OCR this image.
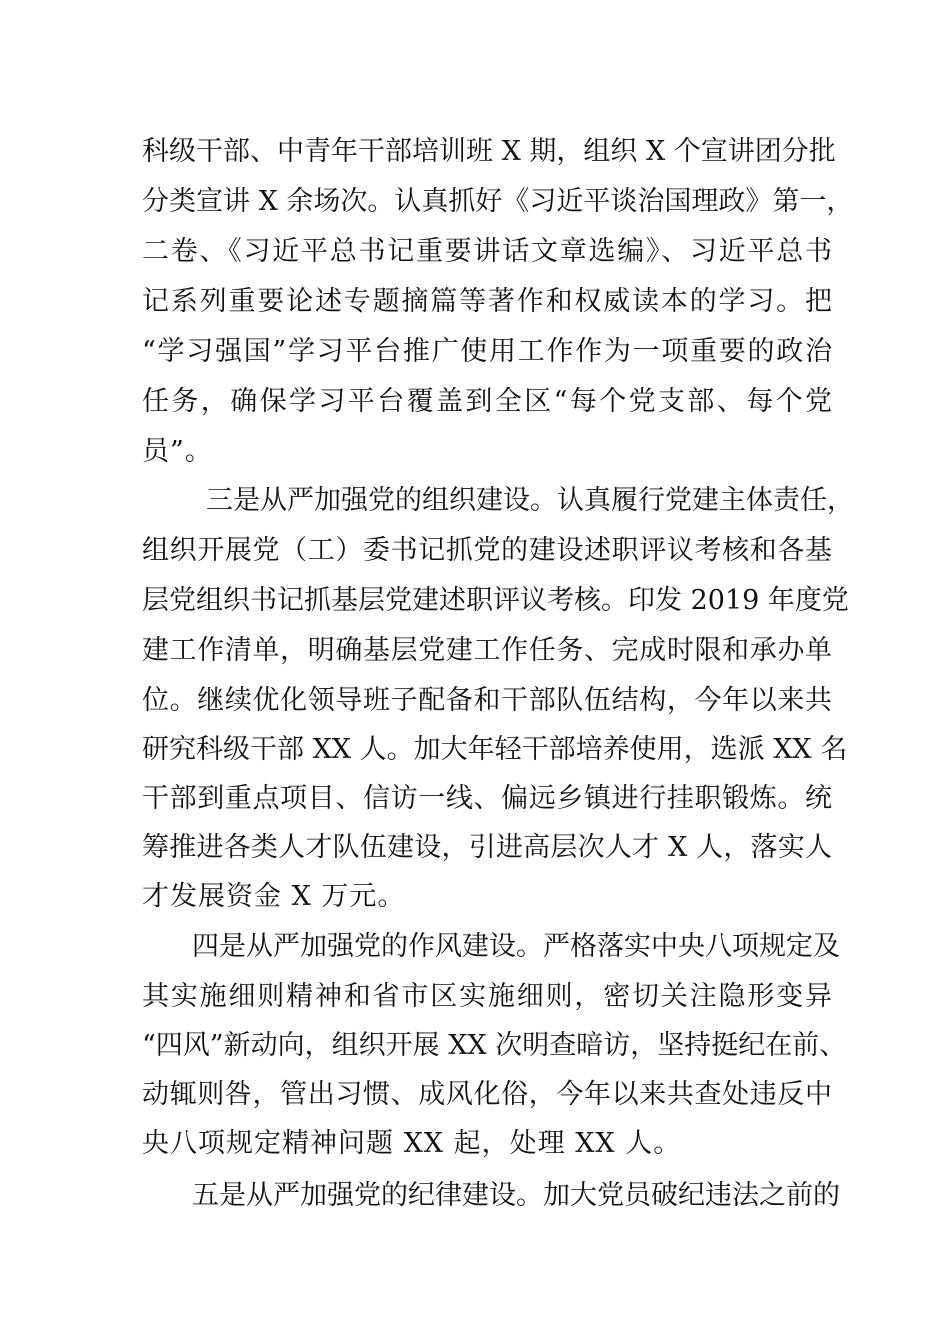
科级干部、中青年干部培训班 X 期，组织 X 个宣讲团分批
分类宣讲 X 余场次。认真抓好《习近平谈治国理政》第一，
二卷、《习近平总书记重要讲话文章选编》、习近平总书
记系列重要论述专题摘篇等著作和权威读本的学习。把
“学习强国”学习平台推广使用工作作为一项重要的政治
任务，确保学习平台覆盖到全区“每个党支部、每个党
员”。
三是从严加强党的组织建设。认真履行党建主体责任，
组织开展党（工）委书记抓党的建设述职评议考核和各基
层党组织书记抓基层党建述职评议考核。印发 2019 年度党
建工作清单，明确基层党建工作任务、完成时限和承办单
位。继续优化领导班子配备和干部队伍结构，今年以来共
研究科级干部 XX 人。加大年轻干部培养使用，选派 XX 名
干部到重点项目、信访一线、偏远乡镇进行挂职锻炼。统
筹推进各类人才队伍建设，引进高层次人才 X 人，落实人
才发展资金 X 万元。
四是从严加强党的作风建设。严格落实中央八项规定及
其实施细则精神和省市区实施细则，密切关注隐形变异
“四风”新动向，组织开展 XX 次明查暗访，坚持挺纪在前、
动辄则咎，管出习惯、成风化俗，今年以来共查处违反中
央八项规定精神问题 XX 起，处理 XX 人。
五是从严加强党的纪律建设。加大党员破纪违法之前的
